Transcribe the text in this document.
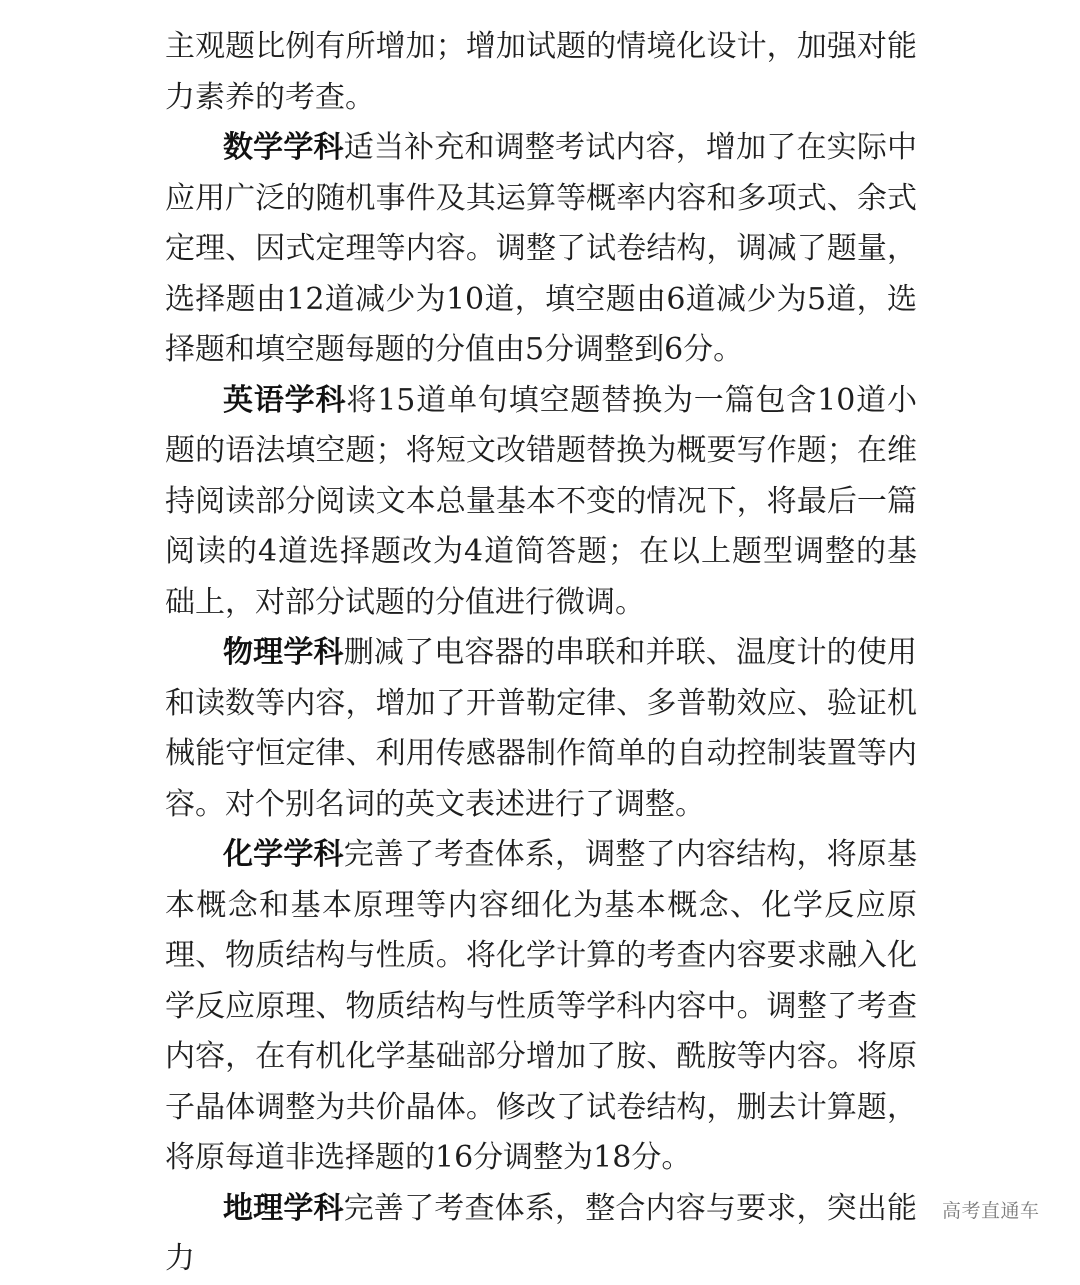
主观题比例有所增加；增加试题的情境化设计，加强对能力素养的考查。

数学学科适当补充和调整考试内容，增加了在实际中应用广泛的随机事件及其运算等概率内容和多项式、余式定理、因式定理等内容。调整了试卷结构，调减了题量，选择题由12道减少为10道，填空题由6道减少为5道，选择题和填空题每题的分值由5分调整到6分。

英语学科将15道单句填空题替换为一篇包含10道小题的语法填空题；将短文改错题替换为概要写作题；在维持阅读部分阅读文本总量基本不变的情况下，将最后一篇阅读的4道选择题改为4道简答题；在以上题型调整的基础上，对部分试题的分值进行微调。

物理学科删减了电容器的串联和并联、温度计的使用和读数等内容，增加了开普勒定律、多普勒效应、验证机械能守恒定律、利用传感器制作简单的自动控制装置等内容。对个别名词的英文表述进行了调整。

化学学科完善了考查体系，调整了内容结构，将原基本概念和基本原理等内容细化为基本概念、化学反应原理、物质结构与性质。将化学计算的考查内容要求融入化学反应原理、物质结构与性质等学科内容中。调整了考查内容，在有机化学基础部分增加了胺、酰胺等内容。将原子晶体调整为共价晶体。修改了试卷结构，删去计算题，将原每道非选择题的16分调整为18分。

地理学科完善了考查体系，整合内容与要求，突出能力

高考直通车
